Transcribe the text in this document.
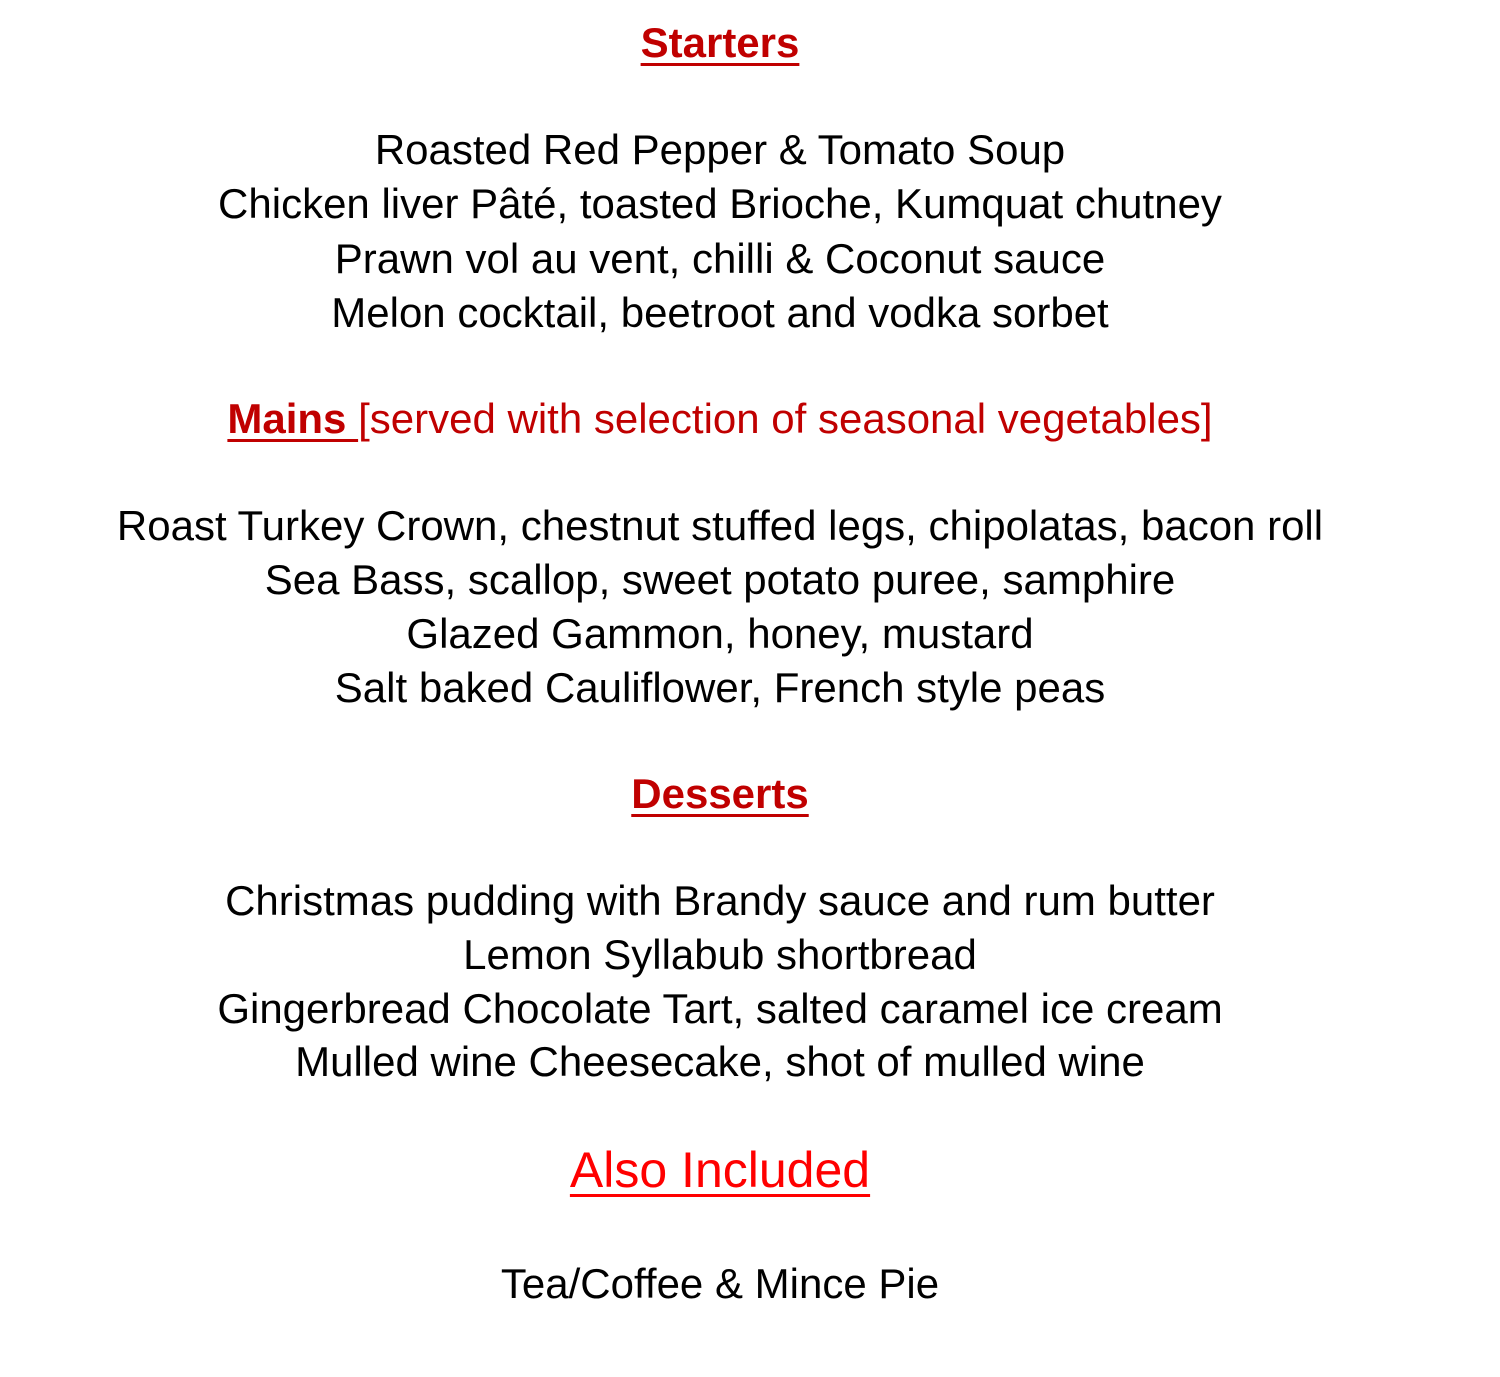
Starters
Roasted Red Pepper & Tomato Soup
Chicken liver Pâté, toasted Brioche, Kumquat chutney
Prawn vol au vent, chilli & Coconut sauce
Melon cocktail, beetroot and vodka sorbet
Mains [served with selection of seasonal vegetables]
Roast Turkey Crown, chestnut stuffed legs, chipolatas, bacon roll
Sea Bass, scallop, sweet potato puree, samphire
Glazed Gammon, honey, mustard
Salt baked Cauliflower, French style peas
Desserts
Christmas pudding with Brandy sauce and rum butter
Lemon Syllabub shortbread
Gingerbread Chocolate Tart, salted caramel ice cream
Mulled wine Cheesecake, shot of mulled wine
Also Included
Tea/Coffee & Mince Pie
